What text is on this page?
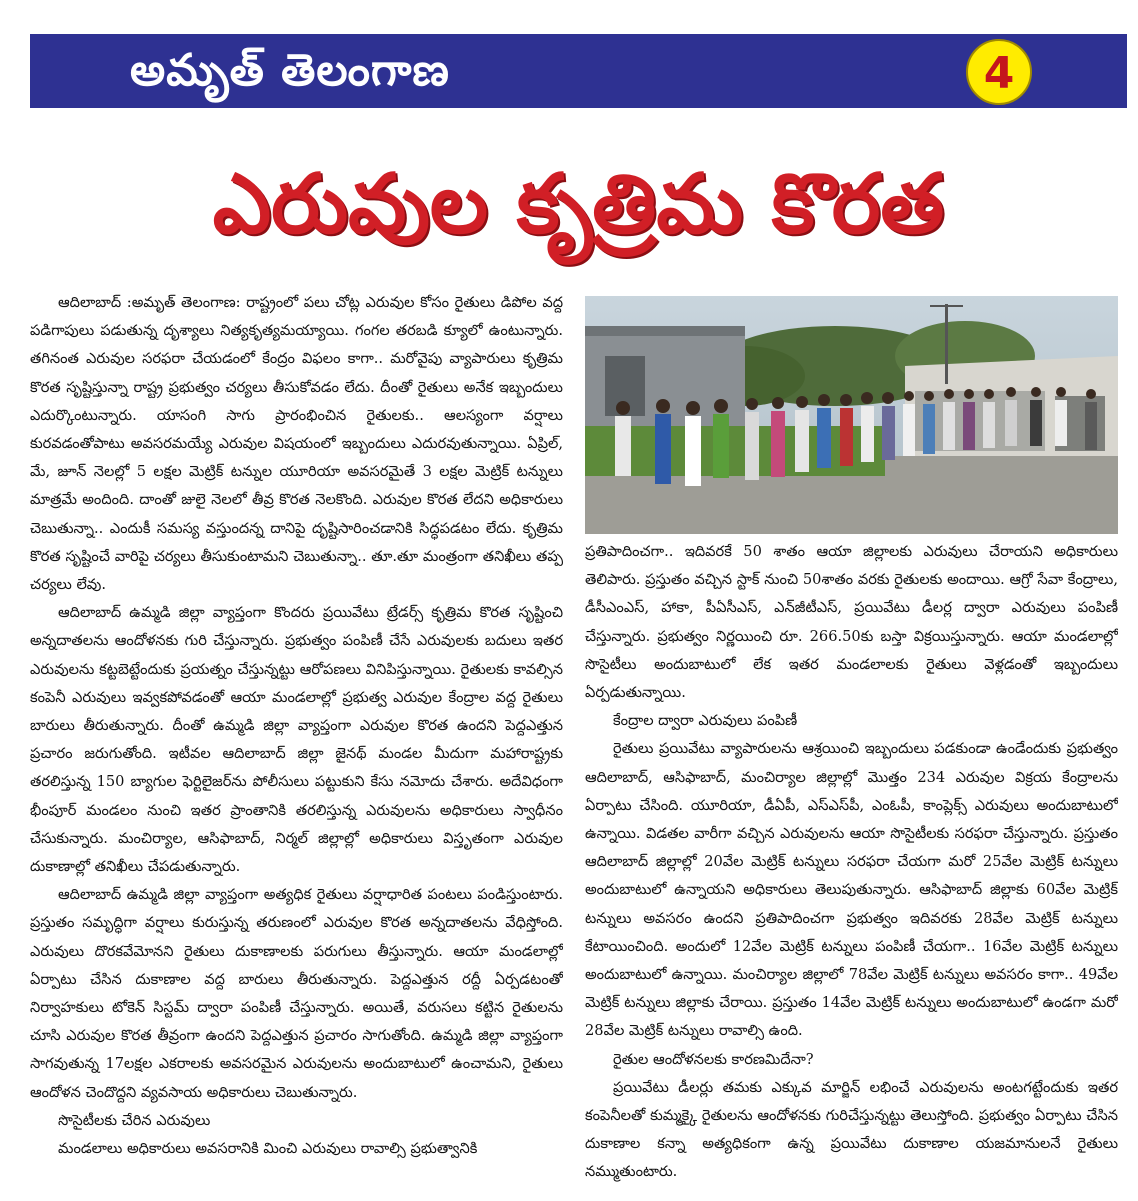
అమృత్ తెలంగాణ	4
ఎరువుల కృత్రిమ కొరత

ఆదిలాబాద్ :అమృత్ తెలంగాణ: రాష్ట్రంలో పలు చోట్ల ఎరువుల కోసం రైతులు డిపోల వద్ద పడిగాపులు పడుతున్న దృశ్యాలు నిత్యకృత్యమయ్యాయి. గంగల తరబడి క్యూలో ఉంటున్నారు. తగినంత ఎరువుల సరఫరా చేయడంలో కేంద్రం విఫలం కాగా.. మరోవైపు వ్యాపారులు కృత్రిమ కొరత సృష్టిస్తున్నా రాష్ట్ర ప్రభుత్వం చర్యలు తీసుకోవడం లేదు. దీంతో రైతులు అనేక ఇబ్బందులు ఎదుర్కొంటున్నారు. యాసంగి సాగు ప్రారంభించిన రైతులకు.. ఆలస్యంగా వర్షాలు కురవడంతోపాటు అవసరమయ్యే ఎరువుల విషయంలో ఇబ్బందులు ఎదురవుతున్నాయి. ఏప్రిల్, మే, జూన్ నెలల్లో 5 లక్షల మెట్రిక్ టన్నుల యూరియా అవసరమైతే 3 లక్షల మెట్రిక్ టన్నులు మాత్రమే అందింది. దాంతో జులై నెలలో తీవ్ర కొరత నెలకొంది. ఎరువుల కొరత లేదని అధికారులు చెబుతున్నా.. ఎందుకీ సమస్య వస్తుందన్న దానిపై దృష్టిసారించడానికి సిద్ధపడటం లేదు. కృత్రిమ కొరత సృష్టించే వారిపై చర్యలు తీసుకుంటామని చెబుతున్నా.. తూ.తూ మంత్రంగా తనిఖీలు తప్ప చర్యలు లేవు.

ఆదిలాబాద్ ఉమ్మడి జిల్లా వ్యాప్తంగా కొందరు ప్రయివేటు ట్రేడర్స్ కృత్రిమ కొరత సృష్టించి అన్నదాతలను ఆందోళనకు గురి చేస్తున్నారు. ప్రభుత్వం పంపిణీ చేసే ఎరువులకు బదులు ఇతర ఎరువులను కట్టబెట్టేందుకు ప్రయత్నం చేస్తున్నట్టు ఆరోపణలు వినిపిస్తున్నాయి. రైతులకు కావల్సిన కంపెనీ ఎరువులు ఇవ్వకపోవడంతో ఆయా మండలాల్లో ప్రభుత్వ ఎరువుల కేంద్రాల వద్ద రైతులు బారులు తీరుతున్నారు. దీంతో ఉమ్మడి జిల్లా వ్యాప్తంగా ఎరువుల కొరత ఉందని పెద్దఎత్తున ప్రచారం జరుగుతోంది. ఇటీవల ఆదిలాబాద్ జిల్లా జైనథ్ మండల మీదుగా మహారాష్ట్రకు తరలిస్తున్న 150 బ్యాగుల ఫెర్టిలైజర్‌ను పోలీసులు పట్టుకుని కేసు నమోదు చేశారు. అదేవిధంగా భీంపూర్ మండలం నుంచి ఇతర ప్రాంతానికి తరలిస్తున్న ఎరువులను అధికారులు స్వాధీనం చేసుకున్నారు. మంచిర్యాల, ఆసిఫాబాద్, నిర్మల్ జిల్లాల్లో అధికారులు విస్తృతంగా ఎరువుల దుకాణాల్లో తనిఖీలు చేపడుతున్నారు.

ఆదిలాబాద్ ఉమ్మడి జిల్లా వ్యాప్తంగా అత్యధిక రైతులు వర్షాధారిత పంటలు పండిస్తుంటారు. ప్రస్తుతం సమృద్ధిగా వర్షాలు కురుస్తున్న తరుణంలో ఎరువుల కొరత అన్నదాతలను వేధిస్తోంది. ఎరువులు దొరకవేమోనని రైతులు దుకాణాలకు పరుగులు తీస్తున్నారు. ఆయా మండలాల్లో ఏర్పాటు చేసిన దుకాణాల వద్ద బారులు తీరుతున్నారు. పెద్దఎత్తున రద్దీ ఏర్పడటంతో నిర్వాహకులు టోకెన్ సిస్టమ్ ద్వారా పంపిణీ చేస్తున్నారు. అయితే, వరుసలు కట్టిన రైతులను చూసి ఎరువుల కొరత తీవ్రంగా ఉందని పెద్దఎత్తున ప్రచారం సాగుతోంది. ఉమ్మడి జిల్లా వ్యాప్తంగా సాగవుతున్న 17లక్షల ఎకరాలకు అవసరమైన ఎరువులను అందుబాటులో ఉంచామని, రైతులు ఆందోళన చెందొద్దని వ్యవసాయ అధికారులు చెబుతున్నారు.

సొసైటీలకు చేరిన ఎరువులు

మండలాలు అధికారులు అవసరానికి మించి ఎరువులు రావాల్సి ప్రభుత్వానికి

ప్రతిపాదించగా.. ఇదివరకే 50 శాతం ఆయా జిల్లాలకు ఎరువులు చేరాయని అధికారులు తెలిపారు. ప్రస్తుతం వచ్చిన స్టాక్ నుంచి 50శాతం వరకు రైతులకు అందాయి. ఆగ్రో సేవా కేంద్రాలు, డీసీఎంఎస్, హాకా, పీఏసీఎస్, ఎన్‌జీటీఎస్, ప్రయివేటు డీలర్ల ద్వారా ఎరువులు పంపిణీ చేస్తున్నారు. ప్రభుత్వం నిర్ణయించి రూ. 266.50కు బస్తా విక్రయిస్తున్నారు. ఆయా మండలాల్లో సొసైటీలు అందుబాటులో లేక ఇతర మండలాలకు రైతులు వెళ్లడంతో ఇబ్బందులు ఏర్పడుతున్నాయి.

కేంద్రాల ద్వారా ఎరువులు పంపిణీ

రైతులు ప్రయివేటు వ్యాపారులను ఆశ్రయించి ఇబ్బందులు పడకుండా ఉండేందుకు ప్రభుత్వం ఆదిలాబాద్, ఆసిఫాబాద్, మంచిర్యాల జిల్లాల్లో మొత్తం 234 ఎరువుల విక్రయ కేంద్రాలను ఏర్పాటు చేసింది. యూరియా, డీఏపీ, ఎస్ఎస్‌పీ, ఎంఓపీ, కాంప్లెక్స్ ఎరువులు అందుబాటులో ఉన్నాయి. విడతల వారీగా వచ్చిన ఎరువులను ఆయా సొసైటీలకు సరఫరా చేస్తున్నారు. ప్రస్తుతం ఆదిలాబాద్ జిల్లాల్లో 20వేల మెట్రిక్ టన్నులు సరఫరా చేయగా మరో 25వేల మెట్రిక్ టన్నులు అందుబాటులో ఉన్నాయని అధికారులు తెలుపుతున్నారు. ఆసిఫాబాద్ జిల్లాకు 60వేల మెట్రిక్ టన్నులు అవసరం ఉందని ప్రతిపాదించగా ప్రభుత్వం ఇదివరకు 28వేల మెట్రిక్ టన్నులు కేటాయించింది. అందులో 12వేల మెట్రిక్ టన్నులు పంపిణీ చేయగా.. 16వేల మెట్రిక్ టన్నులు అందుబాటులో ఉన్నాయి. మంచిర్యాల జిల్లాలో 78వేల మెట్రిక్ టన్నులు అవసరం కాగా.. 49వేల మెట్రిక్ టన్నులు జిల్లాకు చేరాయి. ప్రస్తుతం 14వేల మెట్రిక్ టన్నులు అందుబాటులో ఉండగా మరో 28వేల మెట్రిక్ టన్నులు రావాల్సి ఉంది.

రైతుల ఆందోళనలకు కారణమిదేనా?

ప్రయివేటు డీలర్లు తమకు ఎక్కువ మార్జిన్ లభించే ఎరువులను అంటగట్టేందుకు ఇతర కంపెనీలతో కుమ్మక్కై రైతులను ఆందోళనకు గురిచేస్తున్నట్టు తెలుస్తోంది. ప్రభుత్వం ఏర్పాటు చేసిన దుకాణాల కన్నా అత్యధికంగా ఉన్న ప్రయివేటు దుకాణాల యజమానులనే రైతులు నమ్ముతుంటారు.
